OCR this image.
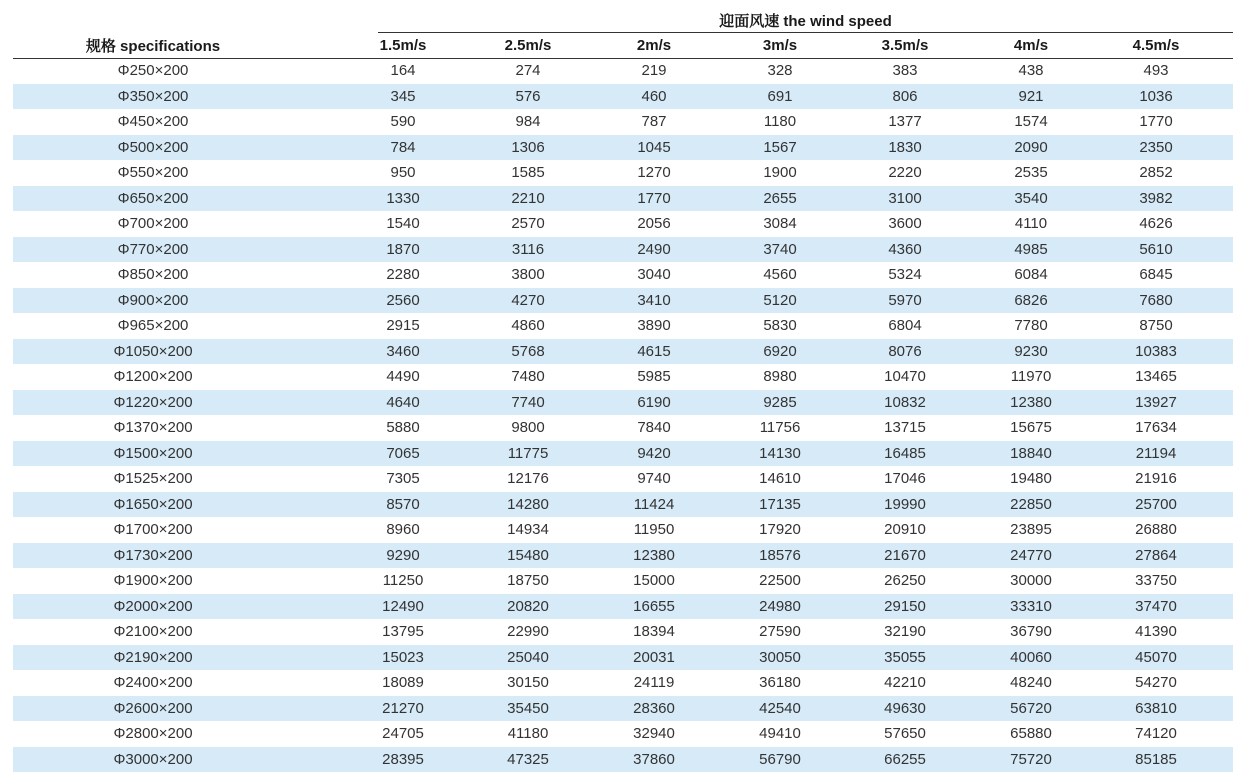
迎面风速 the wind speed
规格 specifications	1.5m/s	2.5m/s	2m/s	3m/s	3.5m/s	4m/s	4.5m/s
Φ250×200	164	274	219	328	383	438	493
Φ350×200	345	576	460	691	806	921	1036
Φ450×200	590	984	787	1180	1377	1574	1770
Φ500×200	784	1306	1045	1567	1830	2090	2350
Φ550×200	950	1585	1270	1900	2220	2535	2852
Φ650×200	1330	2210	1770	2655	3100	3540	3982
Φ700×200	1540	2570	2056	3084	3600	4110	4626
Φ770×200	1870	3116	2490	3740	4360	4985	5610
Φ850×200	2280	3800	3040	4560	5324	6084	6845
Φ900×200	2560	4270	3410	5120	5970	6826	7680
Φ965×200	2915	4860	3890	5830	6804	7780	8750
Φ1050×200	3460	5768	4615	6920	8076	9230	10383
Φ1200×200	4490	7480	5985	8980	10470	11970	13465
Φ1220×200	4640	7740	6190	9285	10832	12380	13927
Φ1370×200	5880	9800	7840	11756	13715	15675	17634
Φ1500×200	7065	11775	9420	14130	16485	18840	21194
Φ1525×200	7305	12176	9740	14610	17046	19480	21916
Φ1650×200	8570	14280	11424	17135	19990	22850	25700
Φ1700×200	8960	14934	11950	17920	20910	23895	26880
Φ1730×200	9290	15480	12380	18576	21670	24770	27864
Φ1900×200	11250	18750	15000	22500	26250	30000	33750
Φ2000×200	12490	20820	16655	24980	29150	33310	37470
Φ2100×200	13795	22990	18394	27590	32190	36790	41390
Φ2190×200	15023	25040	20031	30050	35055	40060	45070
Φ2400×200	18089	30150	24119	36180	42210	48240	54270
Φ2600×200	21270	35450	28360	42540	49630	56720	63810
Φ2800×200	24705	41180	32940	49410	57650	65880	74120
Φ3000×200	28395	47325	37860	56790	66255	75720	85185
